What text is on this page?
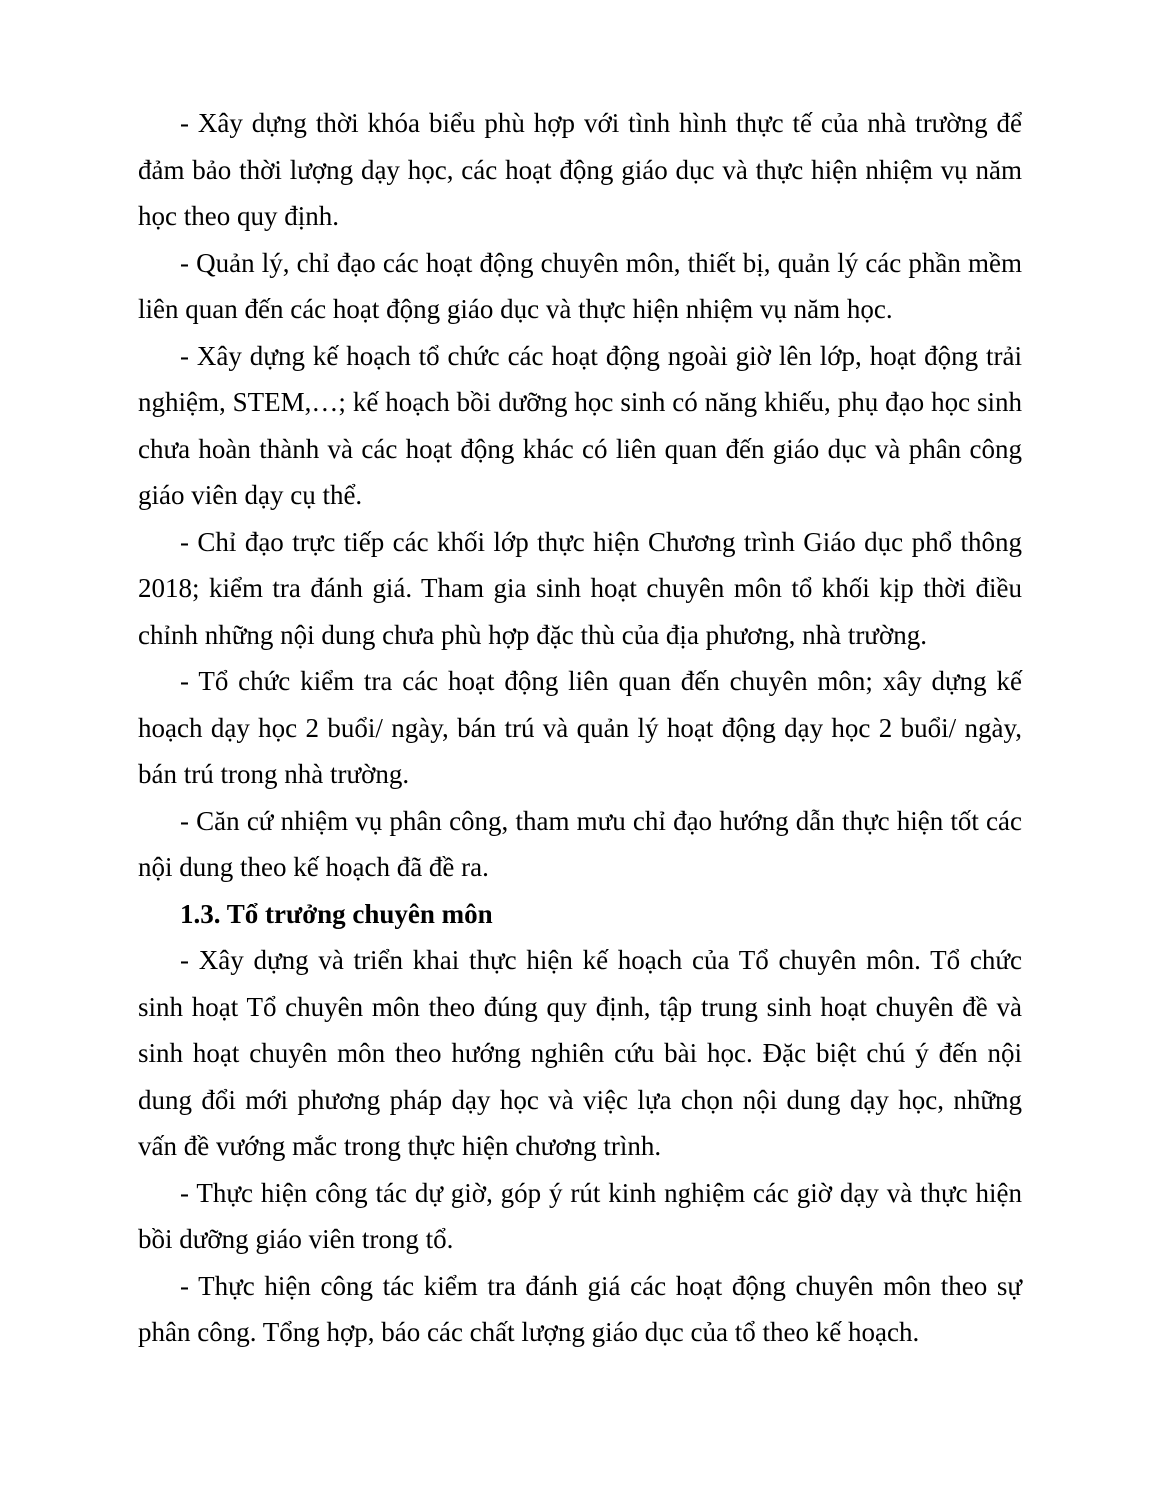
- Xây dựng thời khóa biểu phù hợp với tình hình thực tế của nhà trường để đảm bảo thời lượng dạy học, các hoạt động giáo dục và thực hiện nhiệm vụ năm học theo quy định.

- Quản lý, chỉ đạo các hoạt động chuyên môn, thiết bị, quản lý các phần mềm liên quan đến các hoạt động giáo dục và thực hiện nhiệm vụ năm học.

- Xây dựng kế hoạch tổ chức các hoạt động ngoài giờ lên lớp, hoạt động trải nghiệm, STEM,…; kế hoạch bồi dưỡng học sinh có năng khiếu, phụ đạo học sinh chưa hoàn thành và các hoạt động khác có liên quan đến giáo dục và phân công giáo viên dạy cụ thể.

- Chỉ đạo trực tiếp các khối lớp thực hiện Chương trình Giáo dục phổ thông 2018; kiểm tra đánh giá. Tham gia sinh hoạt chuyên môn tổ khối kịp thời điều chỉnh những nội dung chưa phù hợp đặc thù của địa phương, nhà trường.

- Tổ chức kiểm tra các hoạt động liên quan đến chuyên môn; xây dựng kế hoạch dạy học 2 buổi/ ngày, bán trú và quản lý hoạt động dạy học 2 buổi/ ngày, bán trú trong nhà trường.

- Căn cứ nhiệm vụ phân công, tham mưu chỉ đạo hướng dẫn thực hiện tốt các nội dung theo kế hoạch đã đề ra.

1.3. Tổ trưởng chuyên môn

- Xây dựng và triển khai thực hiện kế hoạch của Tổ chuyên môn. Tổ chức sinh hoạt Tổ chuyên môn theo đúng quy định, tập trung sinh hoạt chuyên đề và sinh hoạt chuyên môn theo hướng nghiên cứu bài học. Đặc biệt chú ý đến nội dung đổi mới phương pháp dạy học và việc lựa chọn nội dung dạy học, những vấn đề vướng mắc trong thực hiện chương trình.

- Thực hiện công tác dự giờ, góp ý rút kinh nghiệm các giờ dạy và thực hiện bồi dưỡng giáo viên trong tổ.

- Thực hiện công tác kiểm tra đánh giá các hoạt động chuyên môn theo sự phân công. Tổng hợp, báo các chất lượng giáo dục của tổ theo kế hoạch.
